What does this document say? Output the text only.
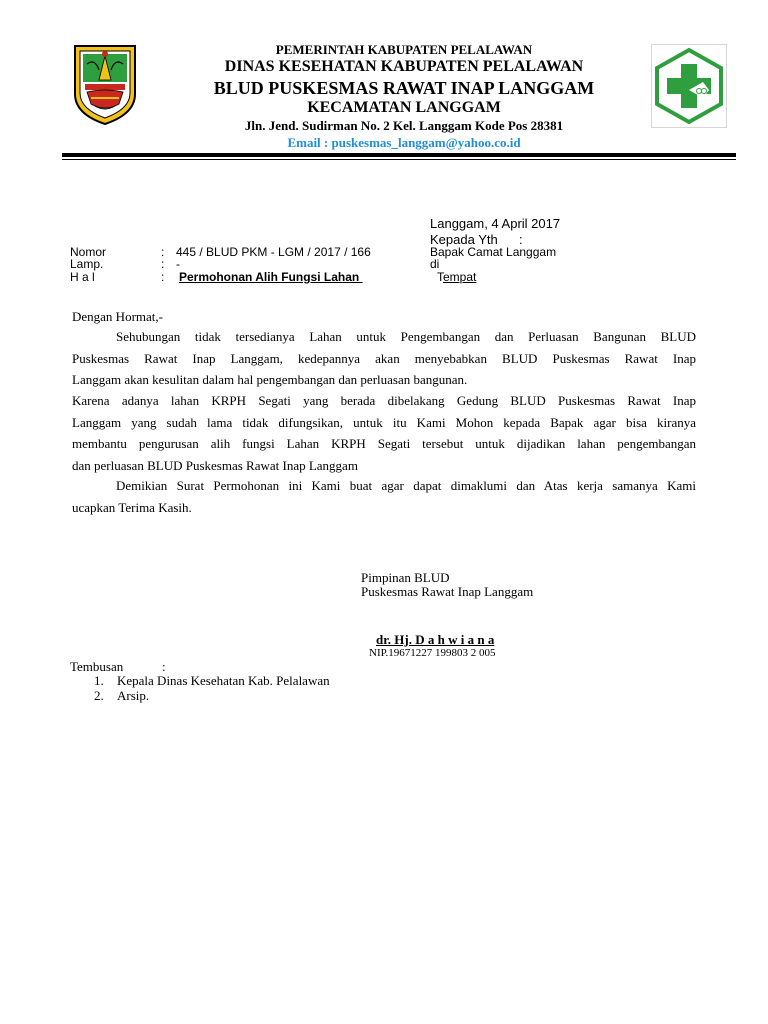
PEMERINTAH KABUPATEN PELALAWAN
DINAS KESEHATAN KABUPATEN PELALAWAN
BLUD PUSKESMAS RAWAT INAP LANGGAM
KECAMATAN LANGGAM
Jln. Jend. Sudirman No. 2 Kel. Langgam Kode Pos 28381
Email : puskesmas_langgam@yahoo.co.id
Langgam, 4 April 2017
Kepada Yth :
Bapak Camat Langgam
di
Tempat
Nomor	: 445 / BLUD PKM - LGM / 2017 / 166
Lamp.	: -
H a l	: Permohonan Alih Fungsi Lahan
Dengan Hormat,-
Sehubungan tidak tersedianya Lahan untuk Pengembangan dan Perluasan Bangunan BLUD
Puskesmas Rawat Inap Langgam, kedepannya akan menyebabkan BLUD Puskesmas Rawat Inap
Langgam akan kesulitan dalam hal pengembangan dan perluasan bangunan.
Karena adanya lahan KRPH Segati yang berada dibelakang Gedung BLUD Puskesmas Rawat Inap
Langgam yang sudah lama tidak difungsikan, untuk itu Kami Mohon kepada Bapak agar bisa kiranya
membantu pengurusan alih fungsi Lahan KRPH Segati tersebut untuk dijadikan lahan pengembangan
dan perluasan BLUD Puskesmas Rawat Inap Langgam
Demikian Surat Permohonan ini Kami buat agar dapat dimaklumi dan Atas kerja samanya Kami
ucapkan Terima Kasih.
Pimpinan BLUD
Puskesmas Rawat Inap Langgam
dr. Hj. D a h w i a n a
NIP.19671227 199803 2 005
Tembusan	:
1. Kepala Dinas Kesehatan Kab. Pelalawan
2. Arsip.
